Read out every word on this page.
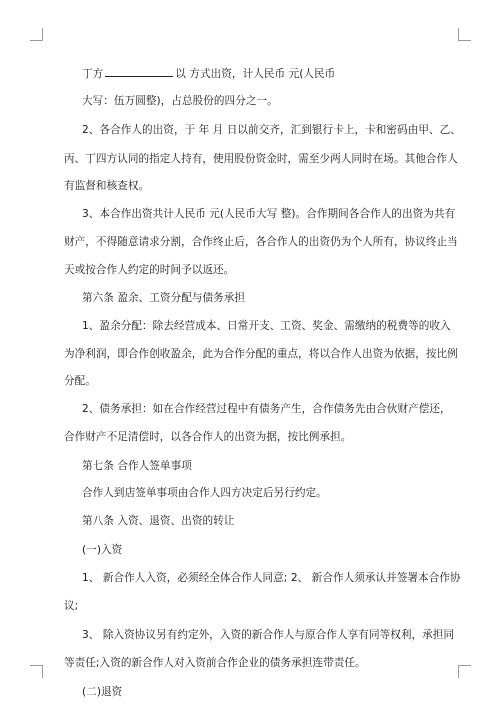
丁方	以 方式出资，计人民币 元(人民币
大写：伍万圆整)，占总股份的四分之一。
2、各合作人的出资，于 年 月 日以前交齐，汇到银行卡上，卡和密码由甲、乙、
丙、丁四方认同的指定人持有，使用股份资金时，需至少两人同时在场。其他合作人
有监督和核查权。
3、本合作出资共计人民币 元(人民币大写 整)。合作期间各合作人的出资为共有
财产，不得随意请求分割，合作终止后，各合作人的出资仍为个人所有，协议终止当
天或按合作人约定的时间予以返还。
第六条 盈余、工资分配与债务承担
1、盈余分配：除去经营成本、日常开支、工资、奖金、需缴纳的税费等的收入
为净利润，即合作创收盈余，此为合作分配的重点，将以合作人出资为依据，按比例
分配。
2、债务承担：如在合作经营过程中有债务产生，合作债务先由合伙财产偿还，
合作财产不足清偿时，以各合作人的出资为据，按比例承担。
第七条 合作人签单事项
合作人到店签单事项由合作人四方决定后另行约定。
第八条 入资、退资、出资的转让
(一)入资
1、 新合作人入资，必须经全体合作人同意; 2、 新合作人须承认并签署本合作协
议;
3、 除入资协议另有约定外，入资的新合作人与原合作人享有同等权利，承担同
等责任;入资的新合作人对入资前合作企业的债务承担连带责任。
(二)退资
